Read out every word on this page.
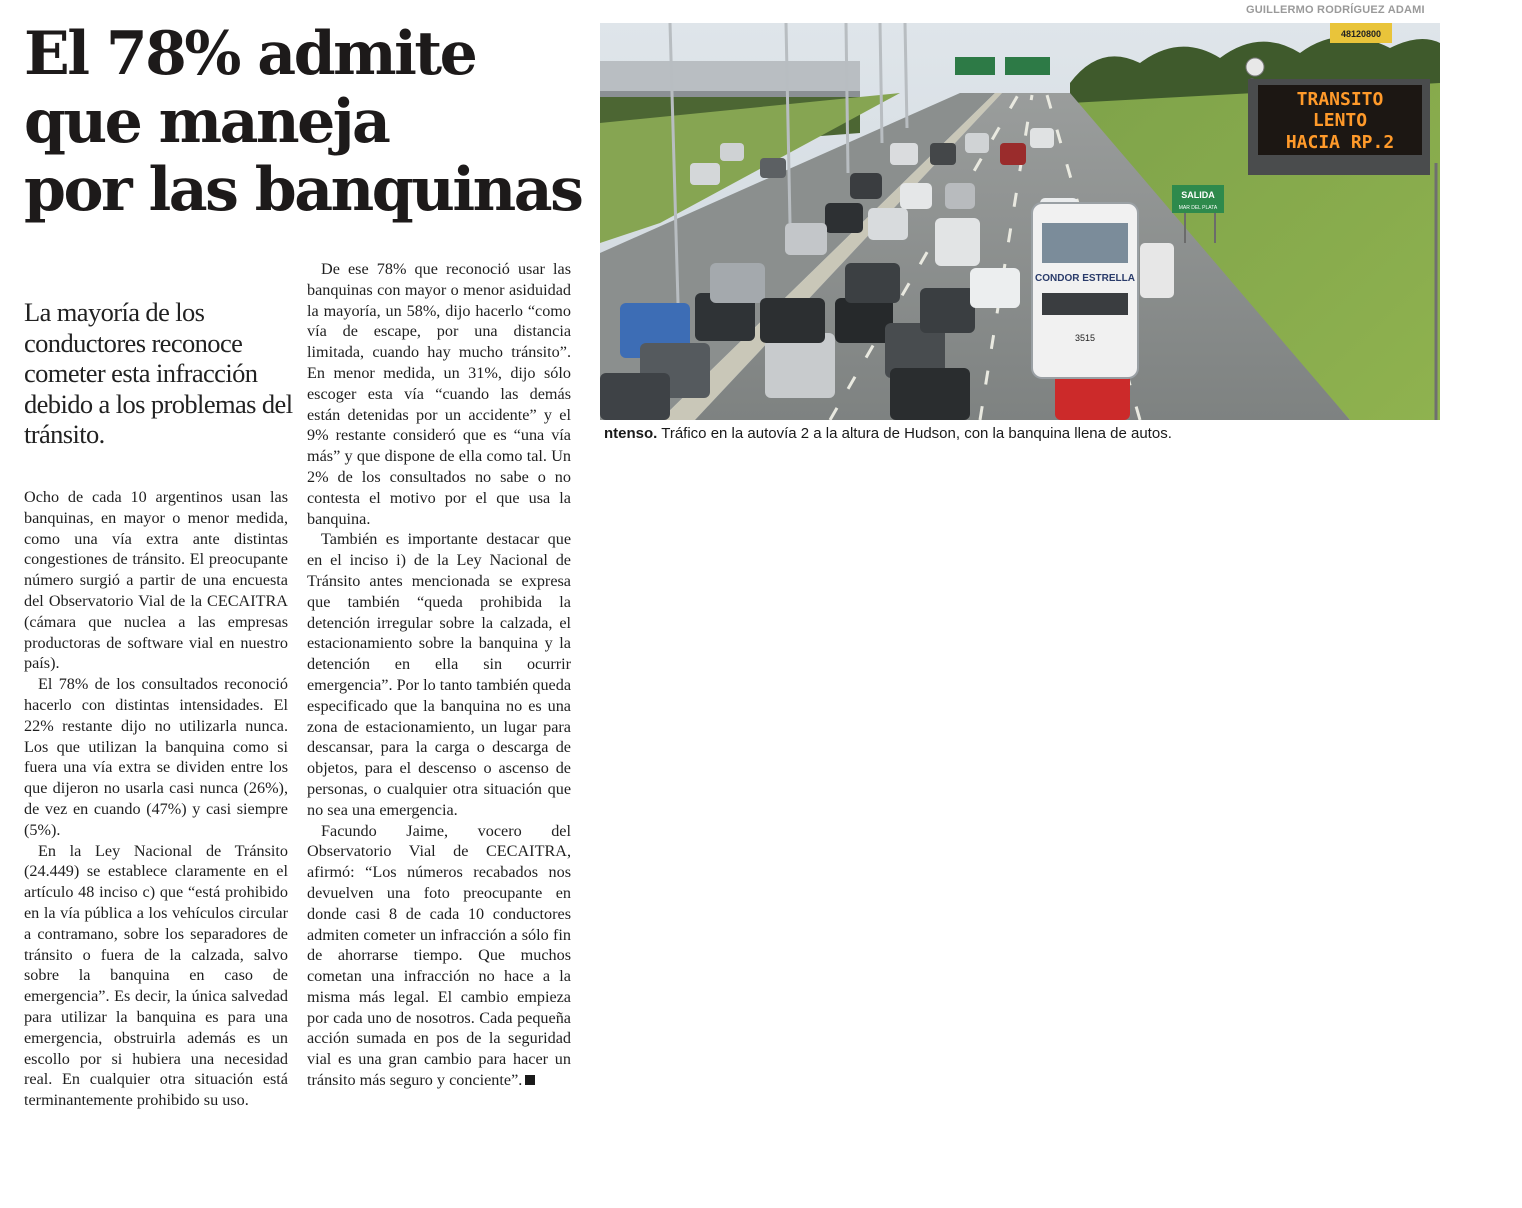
El 78% admite
que maneja
por las banquinas

La mayoría de los conductores reconoce cometer esta infracción debido a los problemas del tránsito.

Ocho de cada 10 argentinos usan las banquinas, en mayor o menor medida, como una vía extra ante distintas congestiones de tránsito. El preocupante número surgió a partir de una encuesta del Observatorio Vial de la CECAITRA (cámara que nuclea a las empresas productoras de software vial en nuestro país).

El 78% de los consultados reconoció hacerlo con distintas intensidades. El 22% restante dijo no utilizarla nunca. Los que utilizan la banquina como si fuera una vía extra se dividen entre los que dijeron no usarla casi nunca (26%), de vez en cuando (47%) y casi siempre (5%).

En la Ley Nacional de Tránsito (24.449) se establece claramente en el artículo 48 inciso c) que “está prohibido en la vía pública a los vehículos circular a contramano, sobre los separadores de tránsito o fuera de la calzada, salvo sobre la banquina en caso de emergencia”. Es decir, la única salvedad para utilizar la banquina es para una emergencia, obstruirla además es un escollo por si hubiera una necesidad real. En cualquier otra situación está terminantemente prohibido su uso.

De ese 78% que reconoció usar las banquinas con mayor o menor asiduidad la mayoría, un 58%, dijo hacerlo “como vía de escape, por una distancia limitada, cuando hay mucho tránsito”. En menor medida, un 31%, dijo sólo escoger esta vía “cuando las demás están detenidas por un accidente” y el 9% restante consideró que es “una vía más” y que dispone de ella como tal. Un 2% de los consultados no sabe o no contesta el motivo por el que usa la banquina.

También es importante destacar que en el inciso i) de la Ley Nacional de Tránsito antes mencionada se expresa que también “queda prohibida la detención irregular sobre la calzada, el estacionamiento sobre la banquina y la detención en ella sin ocurrir emergencia”. Por lo tanto también queda especificado que la banquina no es una zona de estacionamiento, un lugar para descansar, para la carga o descarga de objetos, para el descenso o ascenso de personas, o cualquier otra situación que no sea una emergencia.

Facundo Jaime, vocero del Observatorio Vial de CECAITRA, afirmó: “Los números recabados nos devuelven una foto preocupante en donde casi 8 de cada 10 conductores admiten cometer un infracción a sólo fin de ahorrarse tiempo. Que muchos cometan una infracción no hace a la misma más legal. El cambio empieza por cada uno de nosotros. Cada pequeña acción sumada en pos de la seguridad vial es una gran cambio para hacer un tránsito más seguro y conciente”.

GUILLERMO RODRÍGUEZ ADAMI
CONDOR ESTRELLA
3515
SALIDA
MAR DEL PLATA
TRANSITO
LENTO
HACIA RP.2
48120800
ntenso. Tráfico en la autovía 2 a la altura de Hudson, con la banquina llena de autos.
